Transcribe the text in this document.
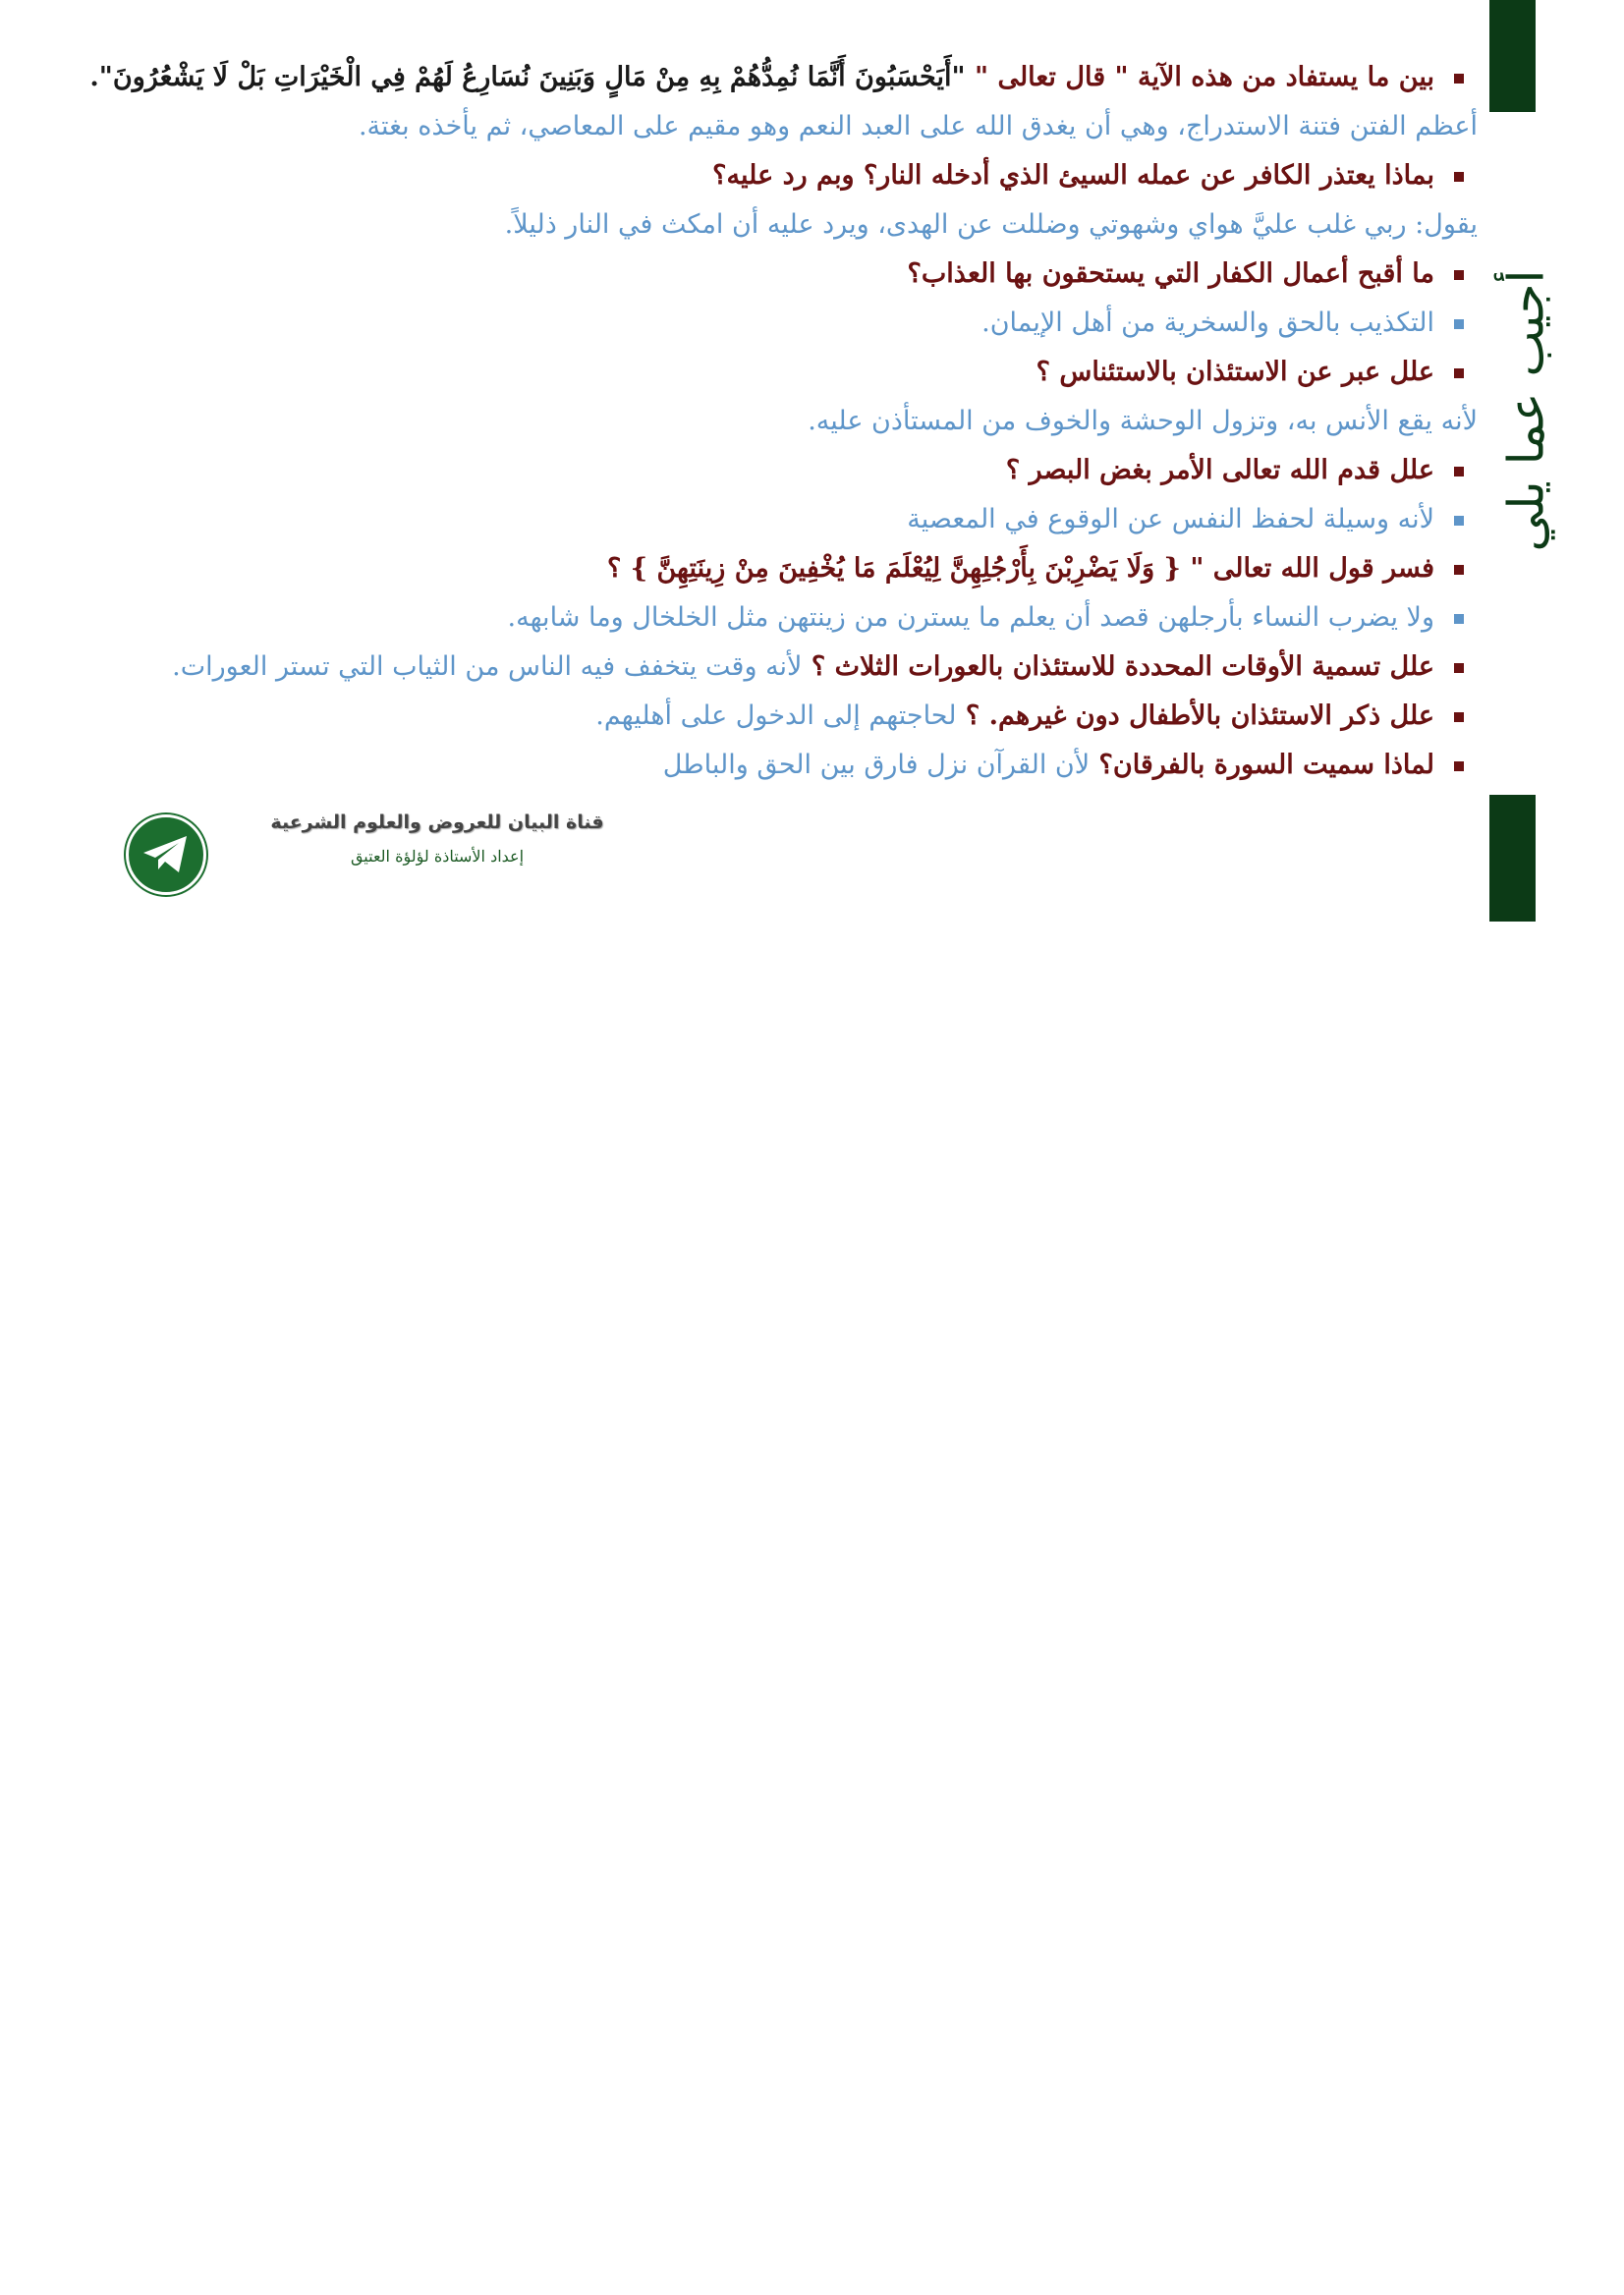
أجيب عما يلي
بين ما يستفاد من هذه الآية " قال تعالى " "أَيَحْسَبُونَ أَنَّمَا نُمِدُّهُمْ بِهِ مِنْ مَالٍ وَبَنِينَ نُسَارِعُ لَهُمْ فِي الْخَيْرَاتِ بَلْ لَا يَشْعُرُونَ".
أعظم الفتن فتنة الاستدراج، وهي أن يغدق الله على العبد النعم وهو مقيم على المعاصي، ثم يأخذه بغتة.
بماذا يعتذر الكافر عن عمله السيئ الذي أدخله النار؟ وبم رد عليه؟
يقول: ربي غلب عليَّ هواي وشهوتي وضللت عن الهدى، ويرد عليه أن امكث في النار ذليلاً.
ما أقبح أعمال الكفار التي يستحقون بها العذاب؟
التكذيب بالحق والسخرية من أهل الإيمان.
علل عبر عن الاستئذان بالاستئناس ؟
لأنه يقع الأنس به، وتزول الوحشة والخوف من المستأذن عليه.
علل قدم الله تعالى الأمر بغض البصر ؟
لأنه وسيلة لحفظ النفس عن الوقوع في المعصية
فسر قول الله تعالى " { وَلَا يَضْرِبْنَ بِأَرْجُلِهِنَّ لِيُعْلَمَ مَا يُخْفِينَ مِنْ زِينَتِهِنَّ } ؟
ولا يضرب النساء بأرجلهن قصد أن يعلم ما يسترن من زينتهن مثل الخلخال وما شابهه.
علل تسمية الأوقات المحددة للاستئذان بالعورات الثلاث ؟ لأنه وقت يتخفف فيه الناس من الثياب التي تستر العورات.
علل ذكر الاستئذان بالأطفال دون غيرهم. ؟ لحاجتهم إلى الدخول على أهليهم.
لماذا سميت السورة بالفرقان؟ لأن القرآن نزل فارق بين الحق والباطل
قناة البيان للعروض والعلوم الشرعية
إعداد الأستاذة لؤلؤة العتيق
